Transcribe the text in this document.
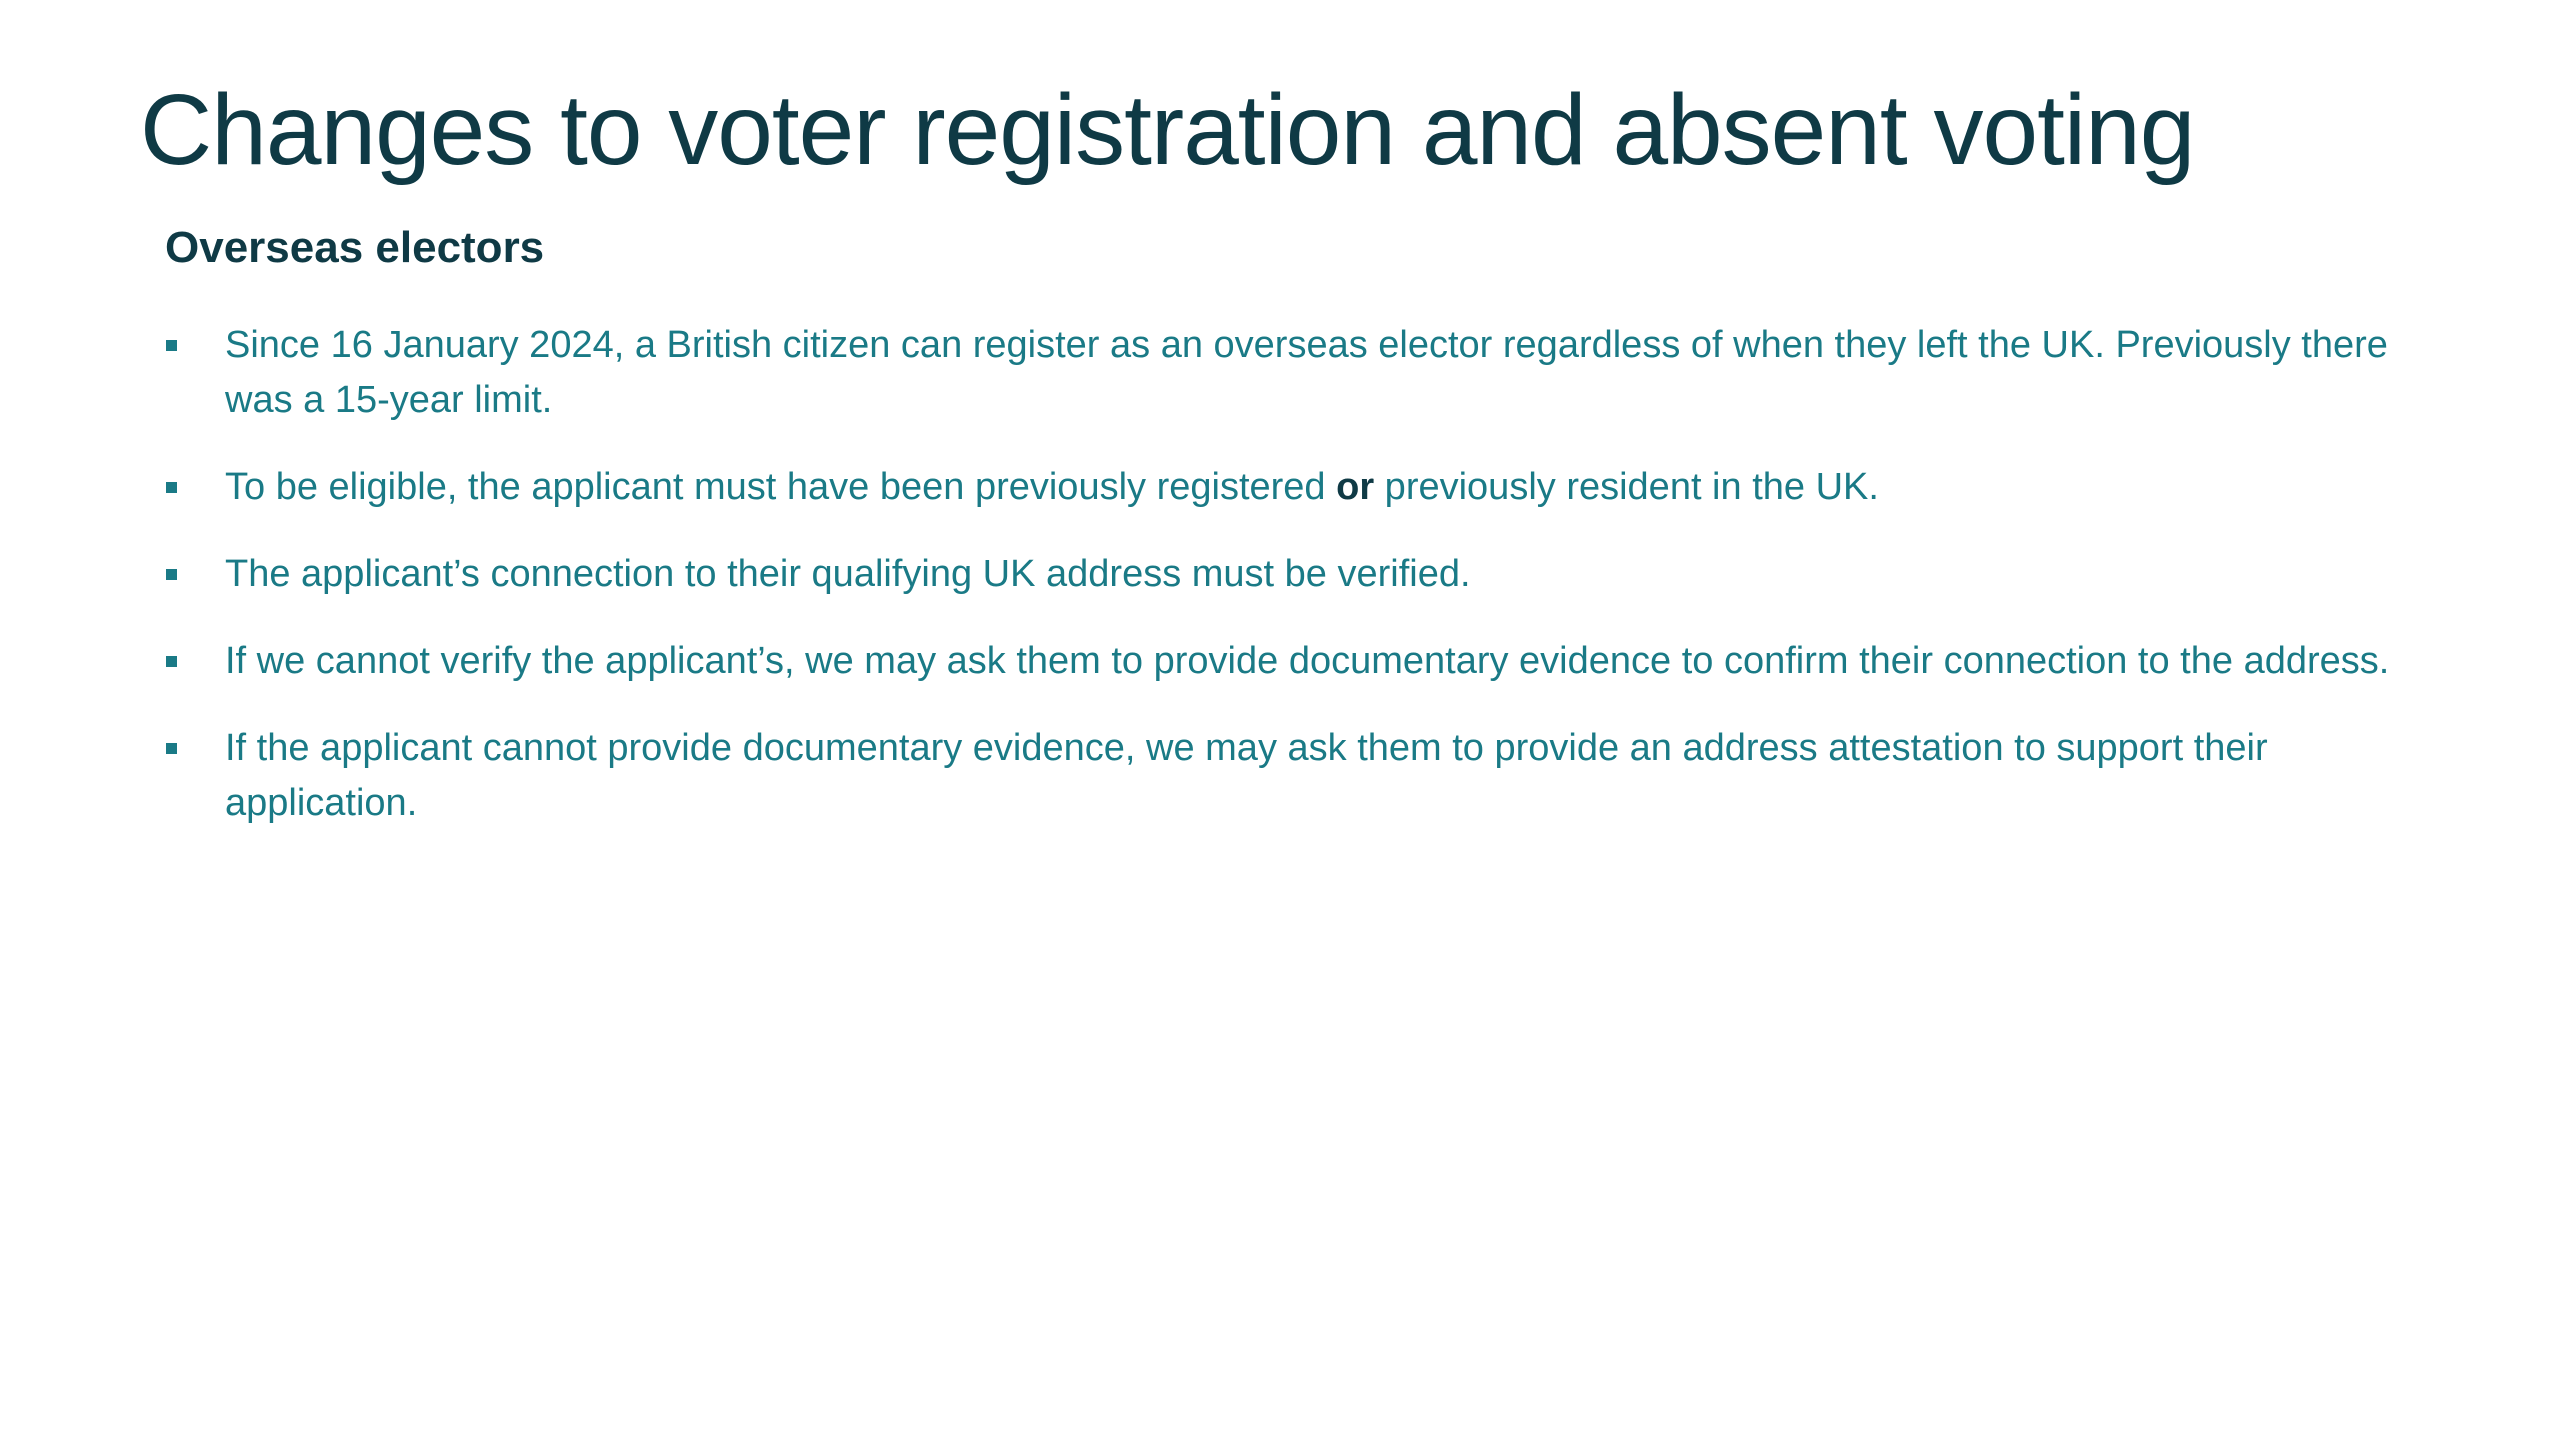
Changes to voter registration and absent voting
Overseas electors
Since 16 January 2024, a British citizen can register as an overseas elector regardless of when they left the UK. Previously there was a 15-year limit.
To be eligible, the applicant must have been previously registered or previously resident in the UK.
The applicant’s connection to their qualifying UK address must be verified.
If we cannot verify the applicant’s, we may ask them to provide documentary evidence to confirm their connection to the address.
If the applicant cannot provide documentary evidence, we may ask them to provide an address attestation to support their application.
